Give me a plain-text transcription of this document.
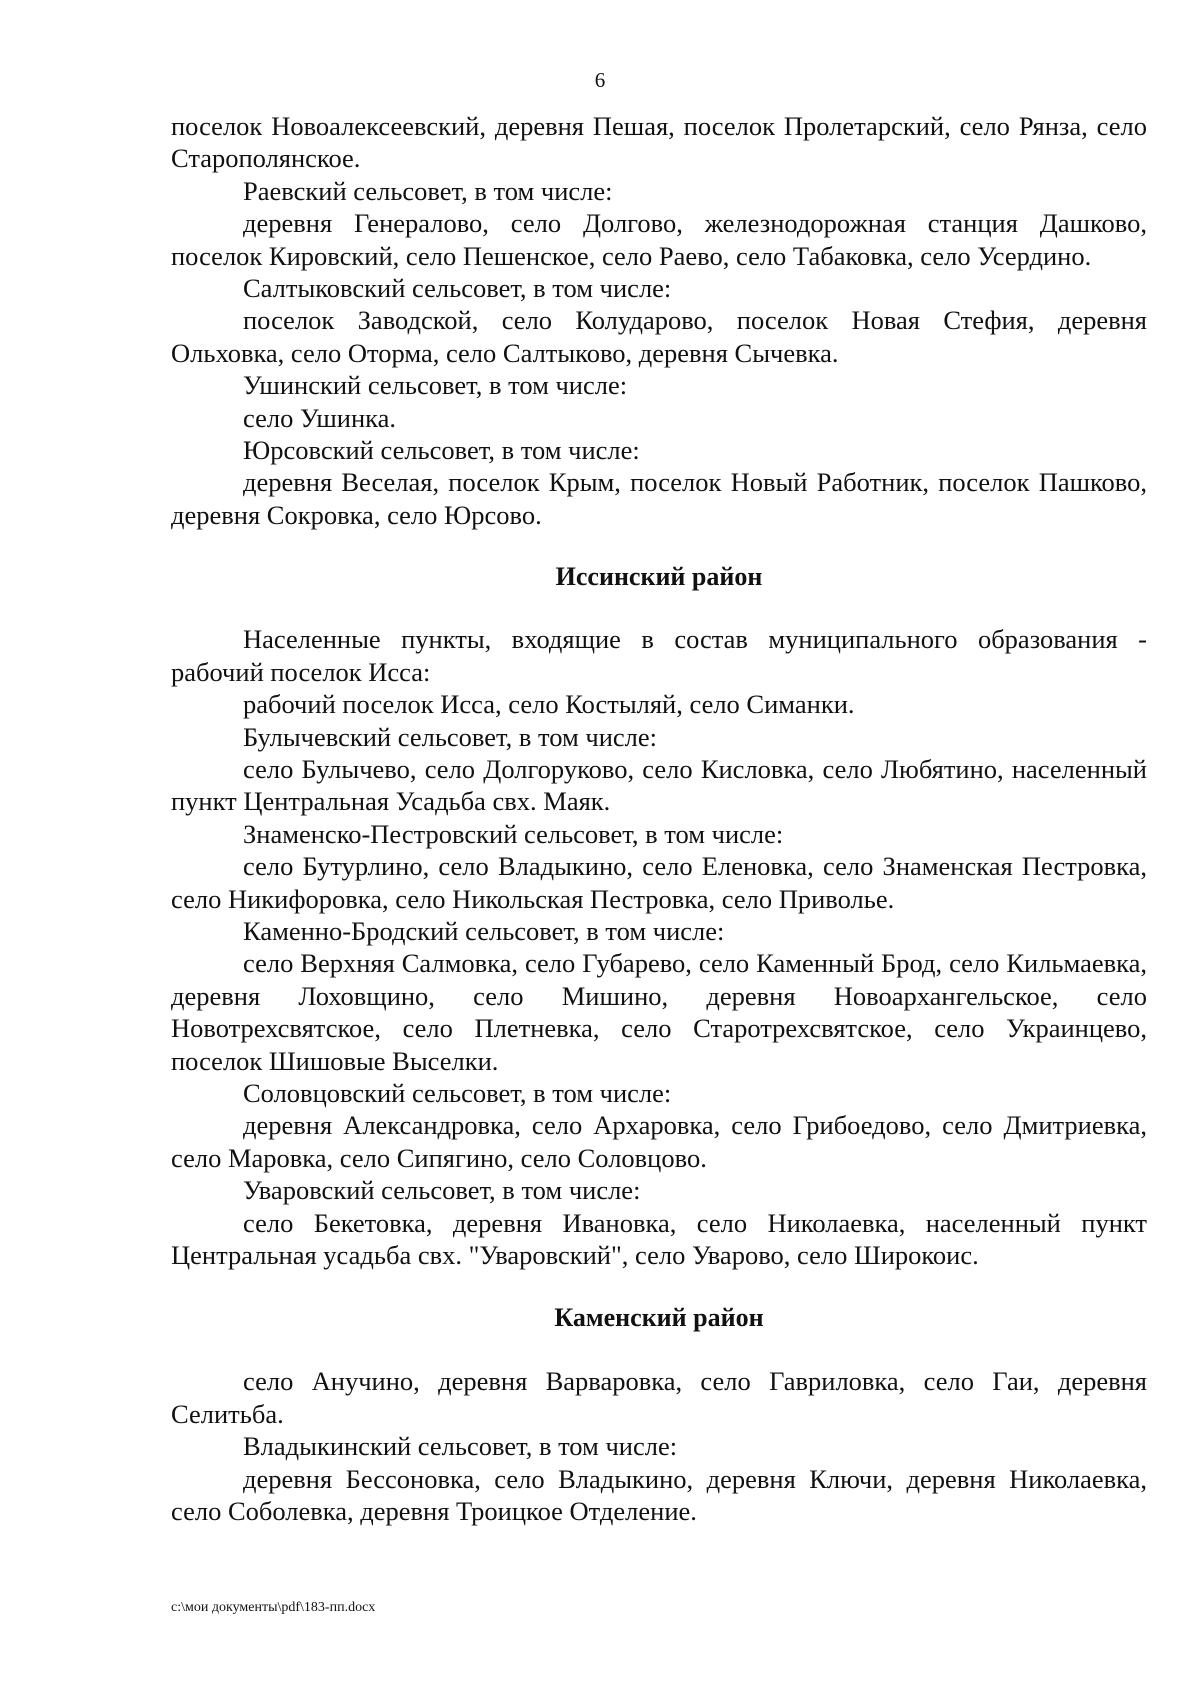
6

поселок Новоалексеевский, деревня Пешая, поселок Пролетарский, село Рянза, село Старополянское.

Раевский сельсовет, в том числе:

деревня Генералово, село Долгово, железнодорожная станция Дашково, поселок Кировский, село Пешенское, село Раево, село Табаковка, село Усердино.

Салтыковский сельсовет, в том числе:

поселок Заводской, село Колударово, поселок Новая Стефия, деревня Ольховка, село Оторма, село Салтыково, деревня Сычевка.

Ушинский сельсовет, в том числе:

село Ушинка.

Юрсовский сельсовет, в том числе:

деревня Веселая, поселок Крым, поселок Новый Работник, поселок Пашково, деревня Сокровка, село Юрсово.

Иссинский район

Населенные пункты, входящие в состав муниципального образования - рабочий поселок Исса:

рабочий поселок Исса, село Костыляй, село Симанки.

Булычевский сельсовет, в том числе:

село Булычево, село Долгоруково, село Кисловка, село Любятино, населенный пункт Центральная Усадьба свх. Маяк.

Знаменско-Пестровский сельсовет, в том числе:

село Бутурлино, село Владыкино, село Еленовка, село Знаменская Пестровка, село Никифоровка, село Никольская Пестровка, село Приволье.

Каменно-Бродский сельсовет, в том числе:

село Верхняя Салмовка, село Губарево, село Каменный Брод, село Кильмаевка, деревня Лоховщино, село Мишино, деревня Новоархангельское, село Новотрехсвятское, село Плетневка, село Старотрехсвятское, село Украинцево, поселок Шишовые Выселки.

Соловцовский сельсовет, в том числе:

деревня Александровка, село Архаровка, село Грибоедово, село Дмитриевка, село Маровка, село Сипягино, село Соловцово.

Уваровский сельсовет, в том числе:

село Бекетовка, деревня Ивановка, село Николаевка, населенный пункт Центральная усадьба свх. "Уваровский", село Уварово, село Широкоис.

Каменский район

село Анучино, деревня Варваровка, село Гавриловка, село Гаи, деревня Селитьба.

Владыкинский сельсовет, в том числе:

деревня Бессоновка, село Владыкино, деревня Ключи, деревня Николаевка, село Соболевка, деревня Троицкое Отделение.

c:\мои документы\pdf\183-пп.docx
